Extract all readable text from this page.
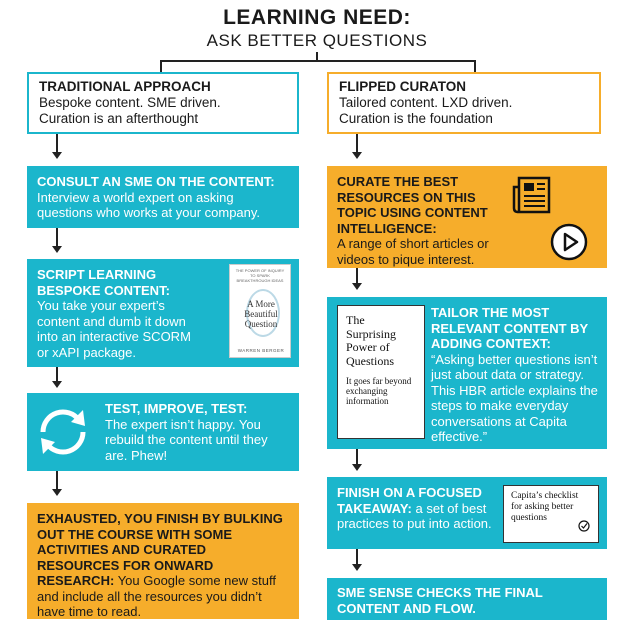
LEARNING NEED:
ASK BETTER QUESTIONS
TRADITIONAL APPROACH
Bespoke content. SME driven.
Curation is an afterthought
CONSULT AN SME ON THE CONTENT:
Interview a world expert on asking questions who works at your company.
SCRIPT LEARNING BESPOKE CONTENT:
You take your expert’s content and dumb it down into an interactive SCORM or xAPI package.
THE POWER OF INQUIRY TO SPARK BREAKTHROUGH IDEAS
A More Beautiful Question
WARREN BERGER
TEST, IMPROVE, TEST:
The expert isn’t happy. You rebuild the content until they are. Phew!
EXHAUSTED, YOU FINISH BY BULKING OUT THE COURSE WITH SOME ACTIVITIES AND CURATED RESOURCES FOR ONWARD RESEARCH: You Google some new stuff and include all the resources you didn’t have time to read.
FLIPPED CURATON
Tailored content. LXD driven.
Curation is the foundation
CURATE THE BEST RESOURCES ON THIS TOPIC USING CONTENT INTELLIGENCE:
A range of short articles or videos to pique interest.
TAILOR THE MOST RELEVANT CONTENT BY ADDING CONTEXT:
“Asking better questions isn’t just about data or strategy. This HBR article explains the steps to make everyday conversations at Capita effective.”
The Surprising Power of Questions
It goes far beyond exchanging information
FINISH ON A FOCUSED TAKEAWAY: a set of best practices to put into action.
Capita’s checklist for asking better questions
SME SENSE CHECKS THE FINAL CONTENT AND FLOW.
